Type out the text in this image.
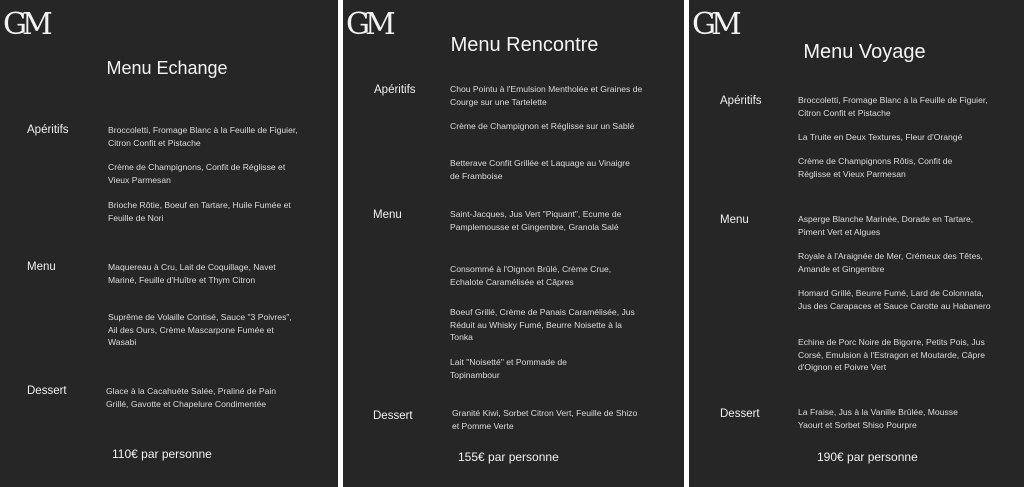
GM
Menu Echange
Apéritifs	Broccoletti, Fromage Blanc à la Feuille de Figuier, Citron Confit et Pistache
Crème de Champignons, Confit de Réglisse et Vieux Parmesan
Brioche Rôtie, Boeuf en Tartare, Huile Fumée et Feuille de Nori
Menu	Maquereau à Cru, Lait de Coquillage, Navet Mariné, Feuille d'Huître et Thym Citron
Suprême de Volaille Contisé, Sauce "3 Poivres", Ail des Ours, Crème Mascarpone Fumée et Wasabi
Dessert	Glace à la Cacahuète Salée, Praliné de Pain Grillé, Gavotte et Chapelure Condimentée
110€ par personne
GM
Menu Rencontre
Apéritifs	Chou Pointu à l'Emulsion Mentholée et Graines de Courge sur une Tartelette
Crème de Champignon et Réglisse sur un Sablé
Betterave Confit Grillée et Laquage au Vinaigre de Framboise
Menu	Saint-Jacques, Jus Vert "Piquant", Ecume de Pamplemousse et Gingembre, Granola Salé
Consommé à l'Oignon Brûlé, Crème Crue, Echalote Caramélisée et Câpres
Boeuf Grillé, Crème de Panais Caramélisée, Jus Réduit au Whisky Fumé, Beurre Noisette à la Tonka
Lait "Noisetté" et Pommade de Topinambour
Dessert	Granité Kiwi, Sorbet Citron Vert, Feuille de Shizo et Pomme Verte
155€ par personne
GM
Menu Voyage
Apéritifs	Broccoletti, Fromage Blanc à la Feuille de Figuier, Citron Confit et Pistache
La Truite en Deux Textures, Fleur d'Orangé
Crème de Champignons Rôtis, Confit de Réglisse et Vieux Parmesan
Menu	Asperge Blanche Marinée, Dorade en Tartare, Piment Vert et Algues
Royale à l'Araignée de Mer, Crémeux des Têtes, Amande et Gingembre
Homard Grillé, Beurre Fumé, Lard de Colonnata, Jus des Carapaces et Sauce Carotte au Habanero
Echine de Porc Noire de Bigorre, Petits Pois, Jus Corsé, Emulsion à l'Estragon et Moutarde, Câpre d'Oignon et Poivre Vert
Dessert	La Fraise, Jus à la Vanille Brûlée, Mousse Yaourt et Sorbet Shiso Pourpre
190€ par personne
